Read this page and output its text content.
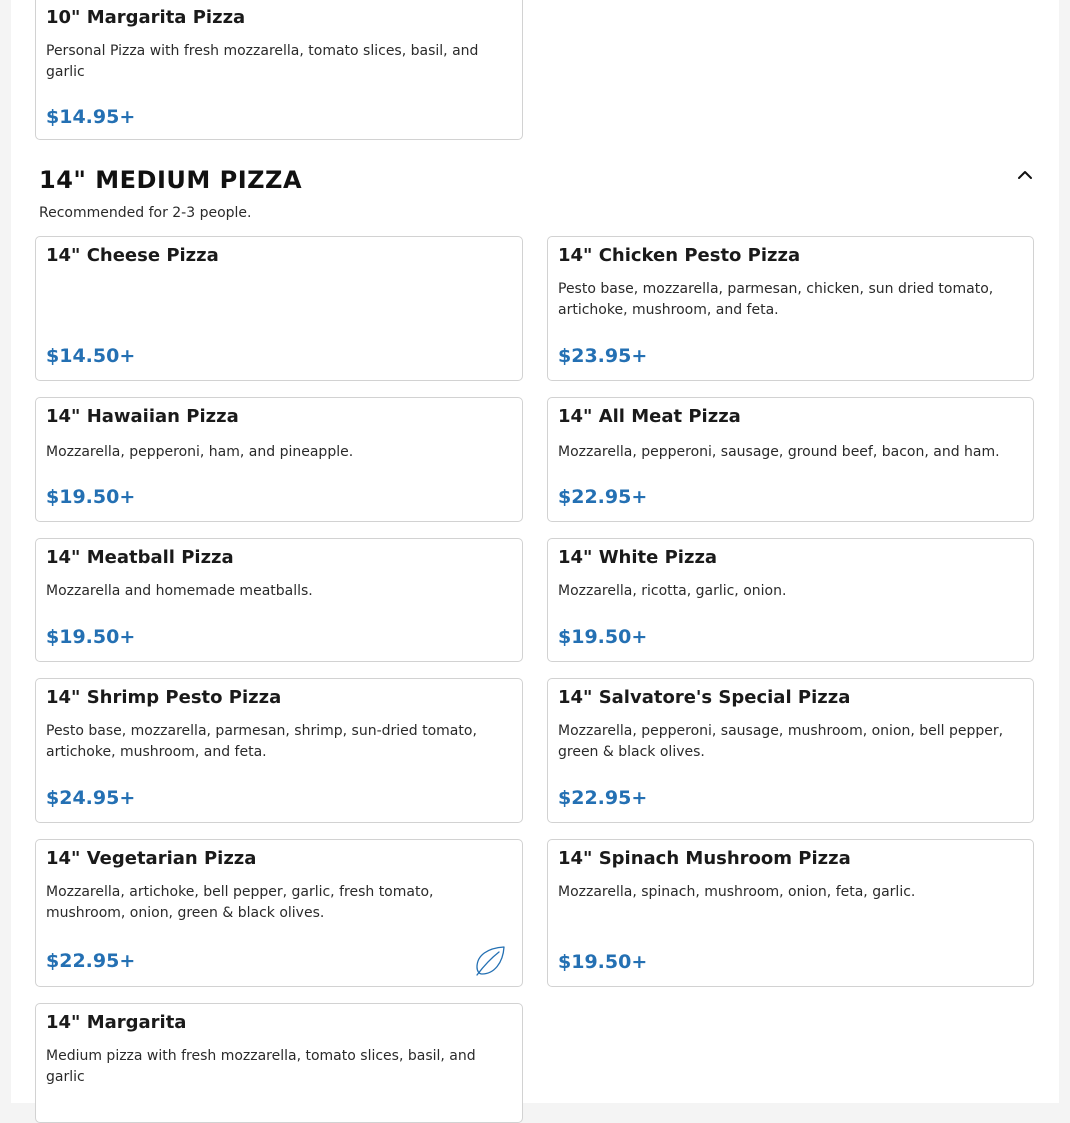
10" Margarita Pizza
Personal Pizza with fresh mozzarella, tomato slices, basil, and garlic
$14.95+
14" MEDIUM PIZZA
Recommended for 2-3 people.
14" Cheese Pizza
$14.50+
14" Chicken Pesto Pizza
Pesto base, mozzarella, parmesan, chicken, sun dried tomato, artichoke, mushroom, and feta.
$23.95+
14" Hawaiian Pizza
Mozzarella, pepperoni, ham, and pineapple.
$19.50+
14" All Meat Pizza
Mozzarella, pepperoni, sausage, ground beef, bacon, and ham.
$22.95+
14" Meatball Pizza
Mozzarella and homemade meatballs.
$19.50+
14" White Pizza
Mozzarella, ricotta, garlic, onion.
$19.50+
14" Shrimp Pesto Pizza
Pesto base, mozzarella, parmesan, shrimp, sun-dried tomato, artichoke, mushroom, and feta.
$24.95+
14" Salvatore's Special Pizza
Mozzarella, pepperoni, sausage, mushroom, onion, bell pepper, green & black olives.
$22.95+
14" Vegetarian Pizza
Mozzarella, artichoke, bell pepper, garlic, fresh tomato, mushroom, onion, green & black olives.
$22.95+
14" Spinach Mushroom Pizza
Mozzarella, spinach, mushroom, onion, feta, garlic.
$19.50+
14" Margarita
Medium pizza with fresh mozzarella, tomato slices, basil, and garlic
